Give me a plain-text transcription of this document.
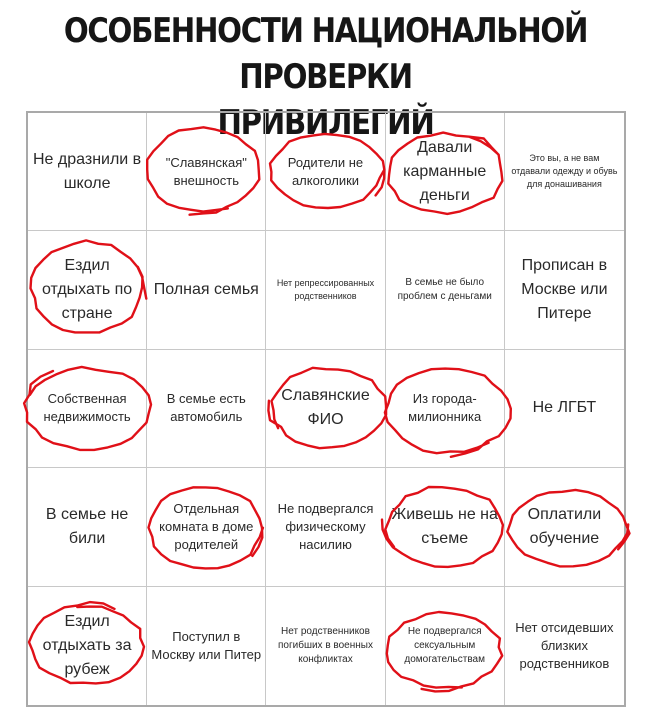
ОСОБЕННОСТИ НАЦИОНАЛЬНОЙ ПРОВЕРКИ
ПРИВИЛЕГИЙ
Не дразнили в школе
"Славянская" внешность
Родители не алкоголики
Давали карманные деньги
Это вы, а не вам отдавали одежду и обувь для донашивания
Ездил отдыхать по стране
Полная семья	Нет репрессированных родственников
В семье не было проблем с деньгами
Прописан в Москве или Питере
Собственная недвижимость
В семье есть автомобиль
Славянские ФИО
Из города-милионника
Не ЛГБТ
В семье не били
Отдельная комната в доме родителей
Не подвергался физическому насилию
Живешь не на съеме
Оплатили обучение
Ездил отдыхать за рубеж
Поступил в Москву или Питер
Нет родственников погибших в военных конфликтах
Не подвергался сексуальным домогательствам
Нет отсидевших близких родственников
